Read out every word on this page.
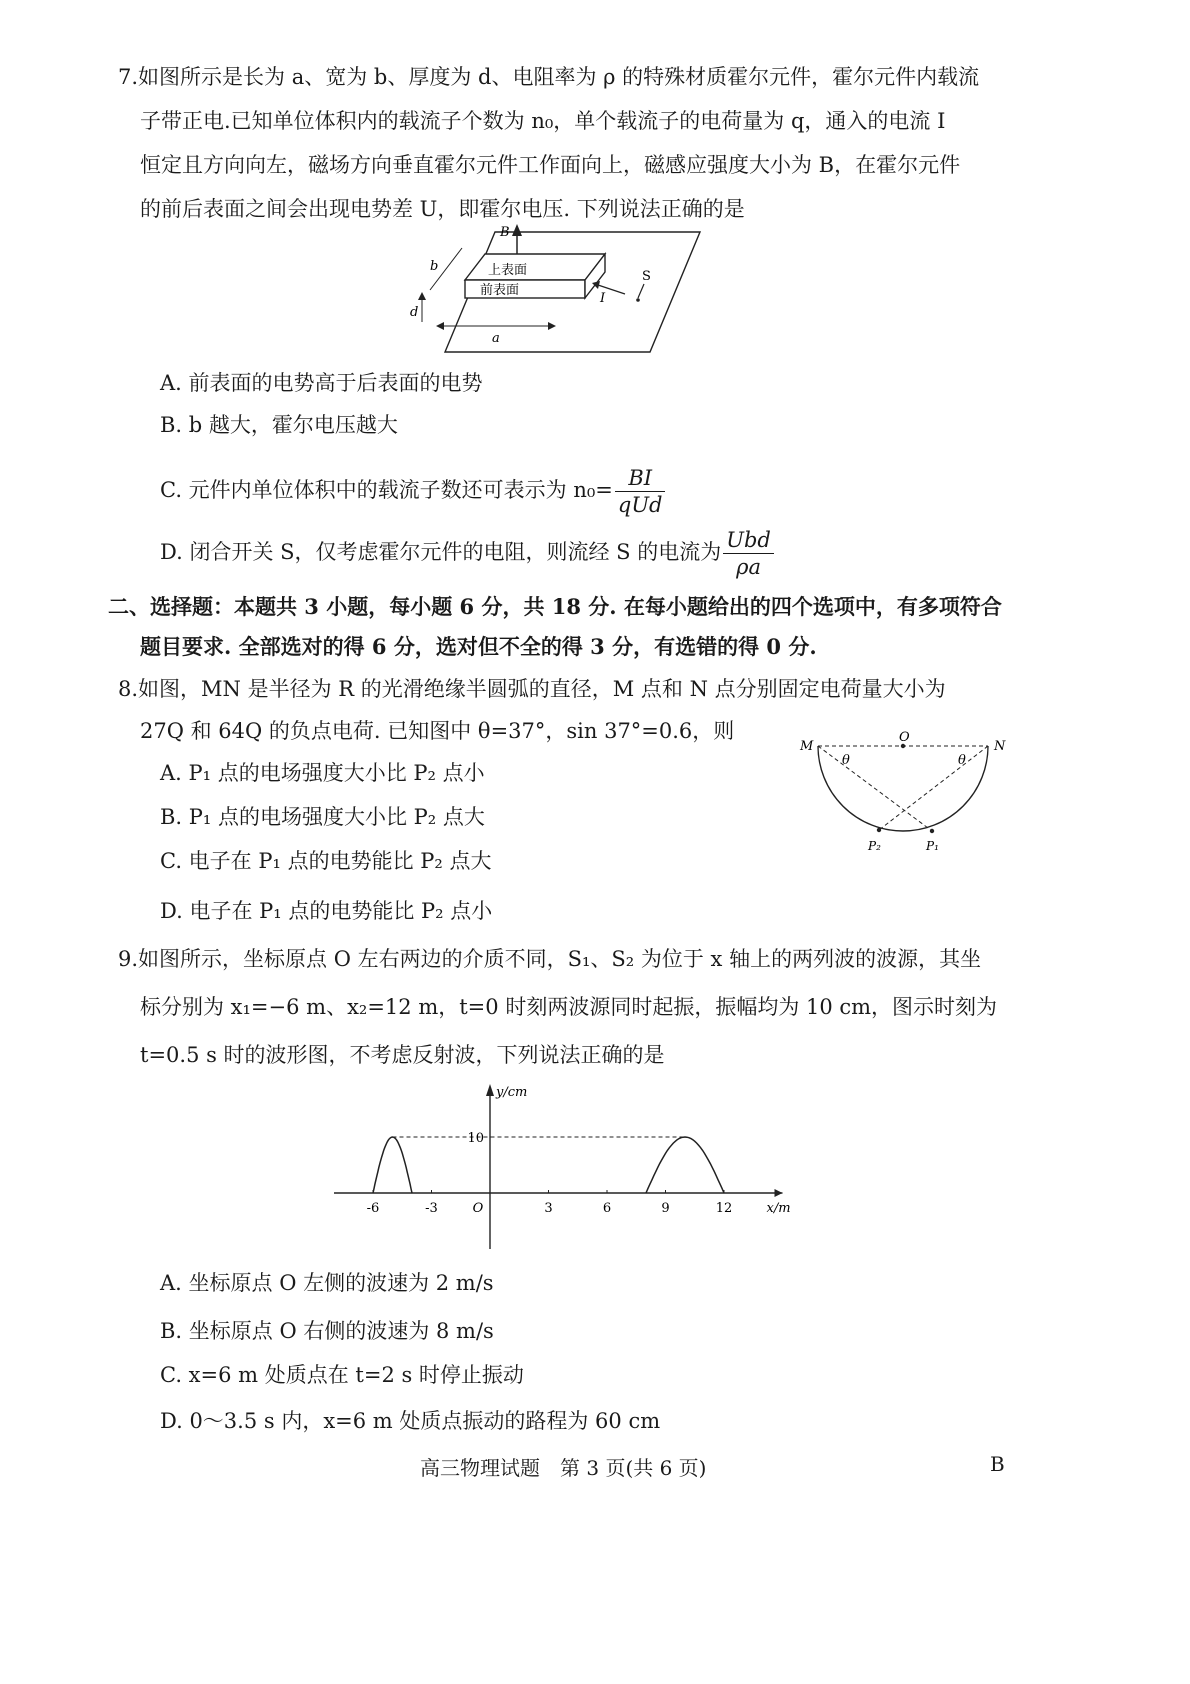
7.如图所示是长为 a、宽为 b、厚度为 d、电阻率为 ρ 的特殊材质霍尔元件，霍尔元件内载流
子带正电.已知单位体积内的载流子个数为 n₀，单个载流子的电荷量为 q，通入的电流 I
恒定且方向向左，磁场方向垂直霍尔元件工作面向上，磁感应强度大小为 B，在霍尔元件
的前后表面之间会出现电势差 U，即霍尔电压. 下列说法正确的是
B
上表面
前表面
b
d
a
I
S
A. 前表面的电势高于后表面的电势
B. b 越大，霍尔电压越大
C. 元件内单位体积中的载流子数还可表示为 $n_0= \frac{BI}{\text{qUd}}$
D. 闭合开关 S，仅考虑霍尔元件的电阻，则流经 S 的电流为 $\frac{\text{Ubd}}{\rho a}$
二、选择题：本题共 3 小题，每小题 6 分，共 18 分. 在每小题给出的四个选项中，有多项符合
题目要求. 全部选对的得 6 分，选对但不全的得 3 分，有选错的得 0 分.
8.如图，MN 是半径为 R 的光滑绝缘半圆弧的直径，M 点和 N 点分别固定电荷量大小为
27Q 和 64Q 的负点电荷. 已知图中 θ=37°，sin 37°=0.6，则
A. P₁ 点的电场强度大小比 P₂ 点小
B. P₁ 点的电场强度大小比 P₂ 点大
C. 电子在 P₁ 点的电势能比 P₂ 点大
D. 电子在 P₁ 点的电势能比 P₂ 点小
M	N
O
θ	θ
P₂	P₁
9.如图所示，坐标原点 O 左右两边的介质不同，S₁、S₂ 为位于 x 轴上的两列波的波源，其坐
标分别为 x₁=−6 m、x₂=12 m，t=0 时刻两波源同时起振，振幅均为 10 cm，图示时刻为
t=0.5 s 时的波形图，不考虑反射波，下列说法正确的是
x/m
y/cm
-6	-3	O	3	6	9	12
10
A. 坐标原点 O 左侧的波速为 2 m/s
B. 坐标原点 O 右侧的波速为 8 m/s
C. x=6 m 处质点在 t=2 s 时停止振动
D. 0～3.5 s 内，x=6 m 处质点振动的路程为 60 cm
高三物理试题　第 3 页(共 6 页)	B
